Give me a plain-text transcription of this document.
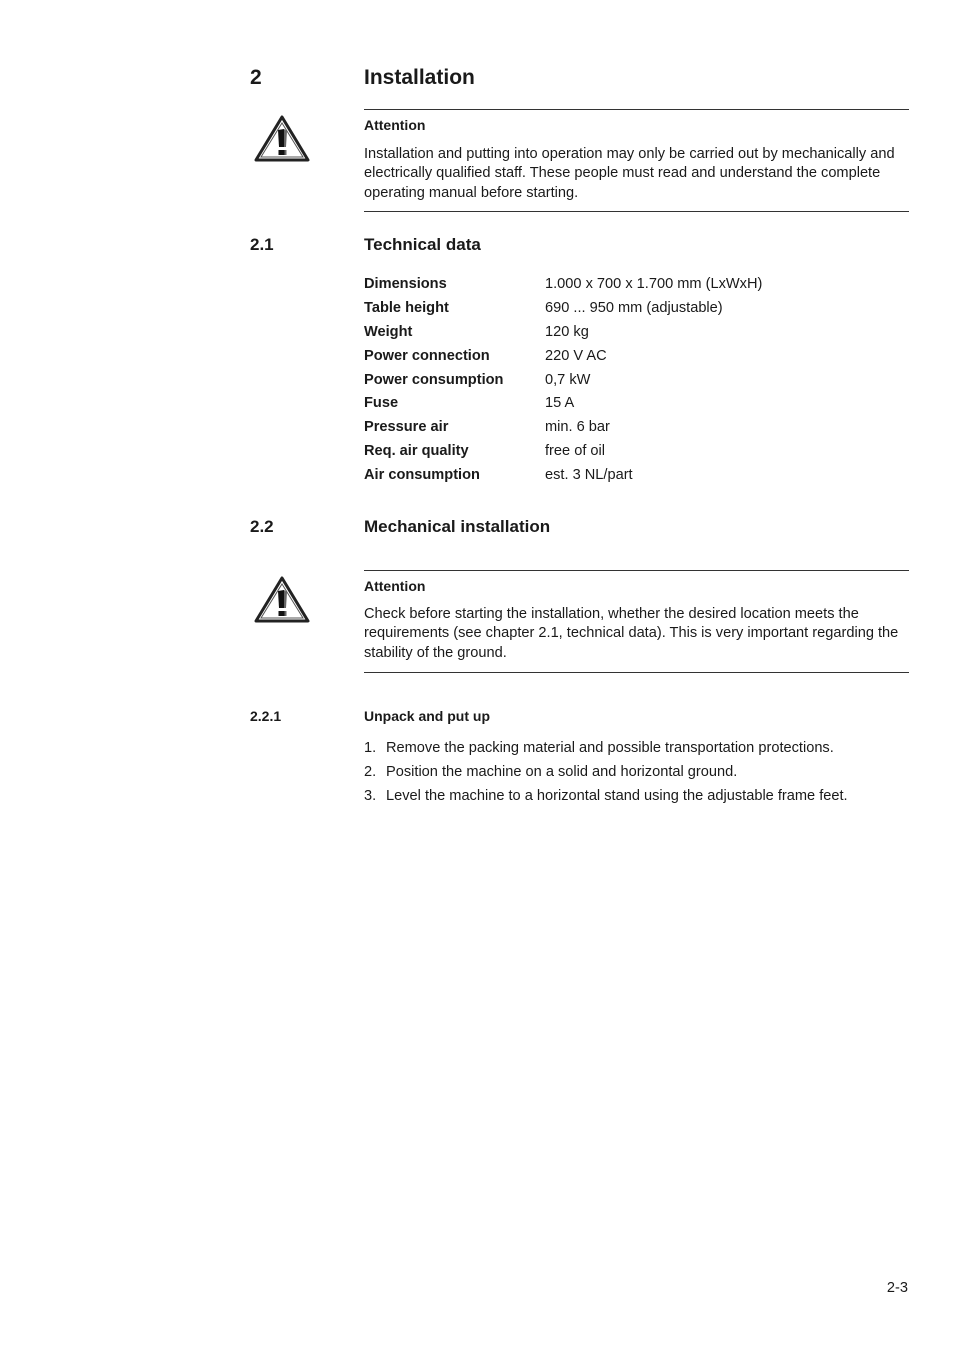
2	Installation
Attention
Installation and putting into operation may only be carried out by mechanically and electrically qualified staff. These people must read and understand the complete operating manual before starting.
2.1	Technical data
Dimensions	1.000 x 700 x 1.700 mm (LxWxH)
Table height	690 ... 950 mm (adjustable)
Weight	120 kg
Power connection	220 V AC
Power consumption	0,7 kW
Fuse	15 A
Pressure air	min. 6 bar
Req. air quality	free of oil
Air consumption	est. 3 NL/part
2.2	Mechanical installation
Attention
Check before starting the installation, whether the desired location meets the requirements (see chapter 2.1, technical data). This is very important regarding the stability of the ground.
2.2.1	Unpack and put up
1. Remove the packing material and possible transportation protections.
2. Position the machine on a solid and horizontal ground.
3. Level the machine to a horizontal stand using the adjustable frame feet.
2-3
